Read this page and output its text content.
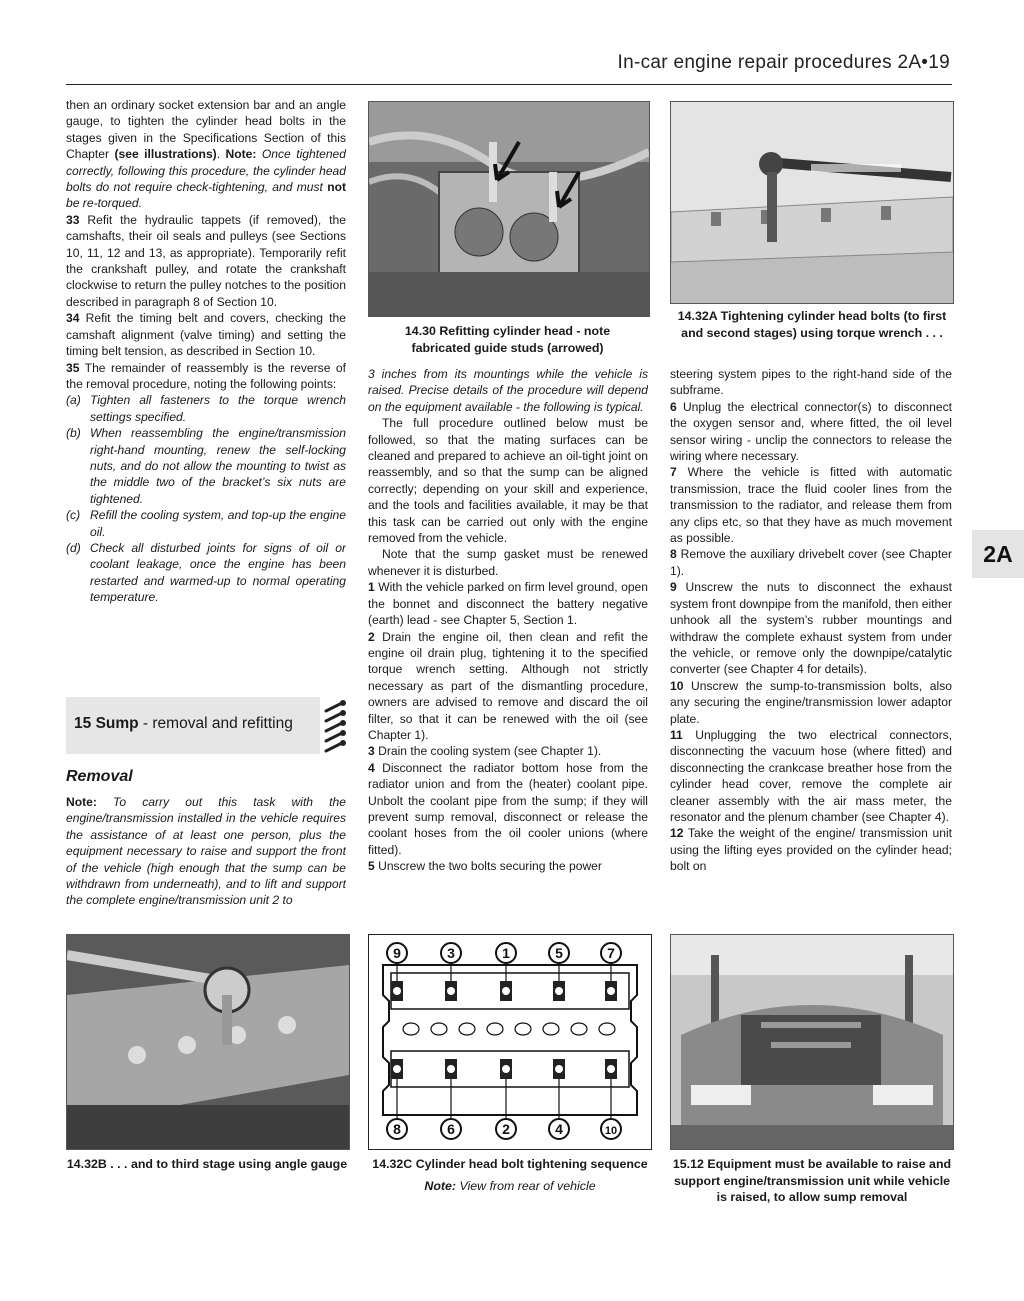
In-car engine repair procedures 2A•19
2A

then an ordinary socket extension bar and an angle gauge, to tighten the cylinder head bolts in the stages given in the Specifications Section of this Chapter (see illustrations). Note: Once tightened correctly, following this procedure, the cylinder head bolts do not require check-tightening, and must not be re-torqued.

33 Refit the hydraulic tappets (if removed), the camshafts, their oil seals and pulleys (see Sections 10, 11, 12 and 13, as appropriate). Temporarily refit the crankshaft pulley, and rotate the crankshaft clockwise to return the pulley notches to the position described in paragraph 8 of Section 10.

34 Refit the timing belt and covers, checking the camshaft alignment (valve timing) and setting the timing belt tension, as described in Section 10.

35 The remainder of reassembly is the reverse of the removal procedure, noting the following points:

(a) Tighten all fasteners to the torque wrench settings specified.
(b) When reassembling the engine/transmission right-hand mounting, renew the self-locking nuts, and do not allow the mounting to twist as the middle two of the bracket’s six nuts are tightened.
(c) Refill the cooling system, and top-up the engine oil.
(d) Check all disturbed joints for signs of oil or coolant leakage, once the engine has been restarted and warmed-up to normal operating temperature.
15 Sump - removal and refitting
Removal

Note: To carry out this task with the engine/transmission installed in the vehicle requires the assistance of at least one person, plus the equipment necessary to raise and support the front of the vehicle (high enough that the sump can be withdrawn from underneath), and to lift and support the complete engine/transmission unit 2 to

14.30 Refitting cylinder head - note fabricated guide studs (arrowed)
14.32A Tightening cylinder head bolts (to first and second stages) using torque wrench . . .

3 inches from its mountings while the vehicle is raised. Precise details of the procedure will depend on the equipment available - the following is typical.

The full procedure outlined below must be followed, so that the mating surfaces can be cleaned and prepared to achieve an oil-tight joint on reassembly, and so that the sump can be aligned correctly; depending on your skill and experience, and the tools and facilities available, it may be that this task can be carried out only with the engine removed from the vehicle.

Note that the sump gasket must be renewed whenever it is disturbed.

1 With the vehicle parked on firm level ground, open the bonnet and disconnect the battery negative (earth) lead - see Chapter 5, Section 1.

2 Drain the engine oil, then clean and refit the engine oil drain plug, tightening it to the specified torque wrench setting. Although not strictly necessary as part of the dismantling procedure, owners are advised to remove and discard the oil filter, so that it can be renewed with the oil (see Chapter 1).

3 Drain the cooling system (see Chapter 1).

4 Disconnect the radiator bottom hose from the radiator union and from the (heater) coolant pipe. Unbolt the coolant pipe from the sump; if they will prevent sump removal, disconnect or release the coolant hoses from the oil cooler unions (where fitted).

5 Unscrew the two bolts securing the power

steering system pipes to the right-hand side of the subframe.

6 Unplug the electrical connector(s) to disconnect the oxygen sensor and, where fitted, the oil level sensor wiring - unclip the connectors to release the wiring where necessary.

7 Where the vehicle is fitted with automatic transmission, trace the fluid cooler lines from the transmission to the radiator, and release them from any clips etc, so that they have as much movement as possible.

8 Remove the auxiliary drivebelt cover (see Chapter 1).

9 Unscrew the nuts to disconnect the exhaust system front downpipe from the manifold, then either unhook all the system’s rubber mountings and withdraw the complete exhaust system from under the vehicle, or remove only the downpipe/catalytic converter (see Chapter 4 for details).

10 Unscrew the sump-to-transmission bolts, also any securing the engine/transmission lower adaptor plate.

11 Unplugging the two electrical connectors, disconnecting the vacuum hose (where fitted) and disconnecting the crankcase breather hose from the cylinder head cover, remove the complete air cleaner assembly with the air mass meter, the resonator and the plenum chamber (see Chapter 4).

12 Take the weight of the engine/ transmission unit using the lifting eyes provided on the cylinder head; bolt on

14.32B . . . and to third stage using angle gauge
9
8
3
6
1
2
5
4
7
10
14.32C Cylinder head bolt tightening sequence
Note: View from rear of vehicle
15.12 Equipment must be available to raise and support engine/transmission unit while vehicle is raised, to allow sump removal
